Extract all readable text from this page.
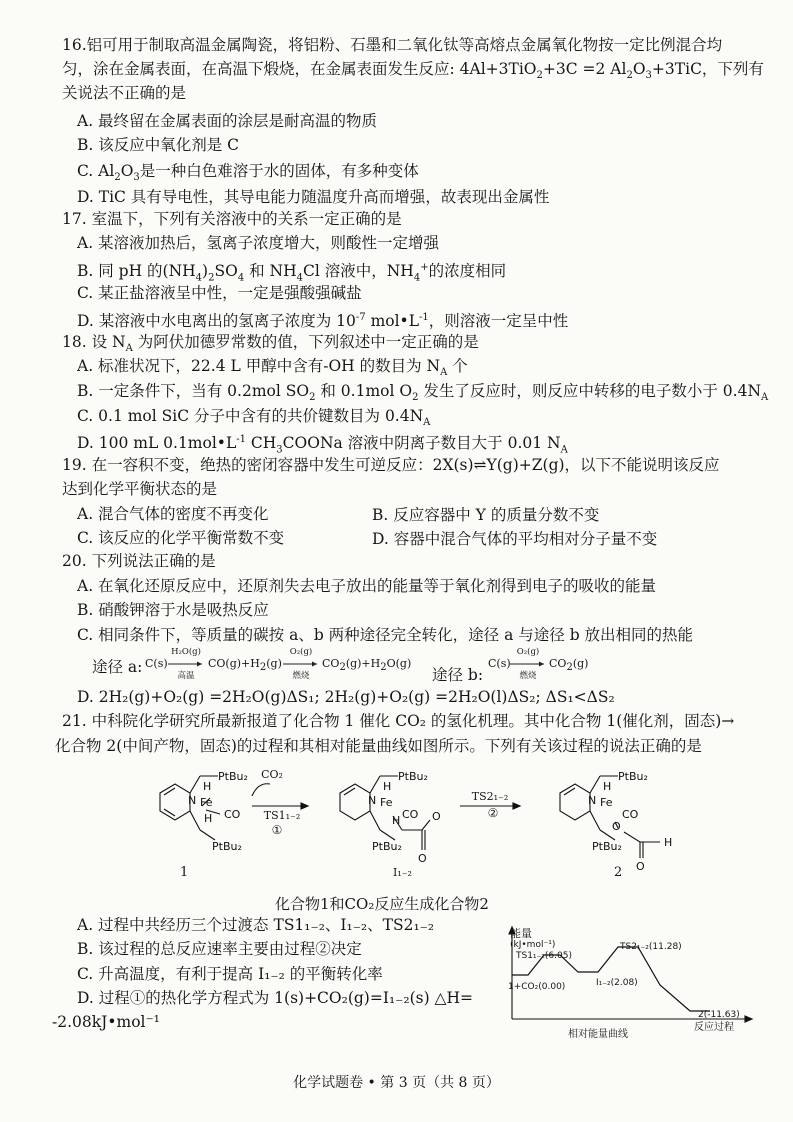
16.铝可用于制取高温金属陶瓷，将铝粉、石墨和二氧化钛等高熔点金属氧化物按一定比例混合均
匀，涂在金属表面，在高温下煅烧，在金属表面发生反应: 4Al+3TiO$_2$+3C =2 $Al_2O_3+3TiC$，下列有
关说法不正确的是
A. 最终留在金属表面的涂层是耐高温的物质
B. 该反应中氧化剂是 C
C. $Al_2O_3$是一种白色难溶于水的固体，有多种变体
D. TiC 具有导电性，其导电能力随温度升高而增强，故表现出金属性
17. 室温下，下列有关溶液中的关系一定正确的是
A. 某溶液加热后，氢离子浓度增大，则酸性一定增强
B. 同 pH 的$(NH_4)_2SO_4$ 和 $NH_4Cl$ 溶液中，$NH_4^+$的浓度相同
C. 某正盐溶液呈中性，一定是强酸强碱盐
D. 某溶液中水电离出的氢离子浓度为 $10^{-7}$ $mol•L^{-1}$，则溶液一定呈中性
18. 设 $N_A$ 为阿伏加德罗常数的值，下列叙述中一定正确的是
A. 标准状况下，22.4 L 甲醇中含有-OH 的数目为 $N_A$ 个
B. 一定条件下，当有 0.2mol $SO_2$ 和 0.1mol $O_2$ 发生了反应时，则反应中转移的电子数小于 $0.4N_A$
C. 0.1 mol SiC 分子中含有的共价键数目为 $0.4N_A$
D. 100 mL $0.1mol•L^{-1}$ $CH_3COONa$ 溶液中阴离子数目大于 0.01 $N_A$
19. 在一容积不变，绝热的密闭容器中发生可逆反应：2X(s)⇌Y(g)+Z(g)，以下不能说明该反应
达到化学平衡状态的是
A. 混合气体的密度不再变化	B. 反应容器中 Y 的质量分数不变
C. 该反应的化学平衡常数不变	D. 容器中混合气体的平均相对分子量不变
20. 下列说法正确的是
A. 在氧化还原反应中，还原剂失去电子放出的能量等于氧化剂得到电子的吸收的能量
B. 硝酸钾溶于水是吸热反应
C. 相同条件下，等质量的碳按 a、b 两种途径完全转化，途径 a 与途径 b 放出相同的热能
途径 a: C(s)
H₂O(g)
高温
$CO(g)+H_2(g)$
O₂(g)
燃烧
$CO_2(g)+H_2O(g)$
途径 b:
C(s)
O₂(g)
燃烧
$CO_2(g)$
D. 2H₂(g)+O₂(g) =2H₂O(g)ΔS₁; 2H₂(g)+O₂(g) =2H₂O(l)ΔS₂; ΔS₁<ΔS₂
21. 中科院化学研究所最新报道了化合物 1 催化 CO₂ 的氢化机理。其中化合物 1(催化剂，固态)→
化合物 2(中间产物，固态)的过程和其相对能量曲线如图所示。下列有关该过程的说法正确的是
PtBu₂
N
H
Fe
H CO
PtBu₂
PtBu₂
N
H
Fe
CO
H	O
O
PtBu₂
PtBu₂
N
H
Fe
CO
O
H
O
PtBu₂
CO₂
TS1₁₋₂
①
TS2₁₋₂
②
1	I₁₋₂	2
化合物1和CO₂反应生成化合物2
A. 过程中共经历三个过渡态 TS1₁₋₂、I₁₋₂、TS2₁₋₂
B. 该过程的总反应速率主要由过程②决定
C. 升高温度，有利于提高 I₁₋₂ 的平衡转化率
D. 过程①的热化学方程式为 1(s)+CO₂(g)=I₁₋₂(s) △H=
-2.08kJ•mol⁻¹
能量
(kJ•mol⁻¹)
TS1₁₋₂(6.05)
1+CO₂(0.00)	I₁₋₂(2.08)
TS2₁₋₂(11.28)
2(-11.63)
反应过程
相对能量曲线
化学试题卷 • 第 3 页（共 8 页）
